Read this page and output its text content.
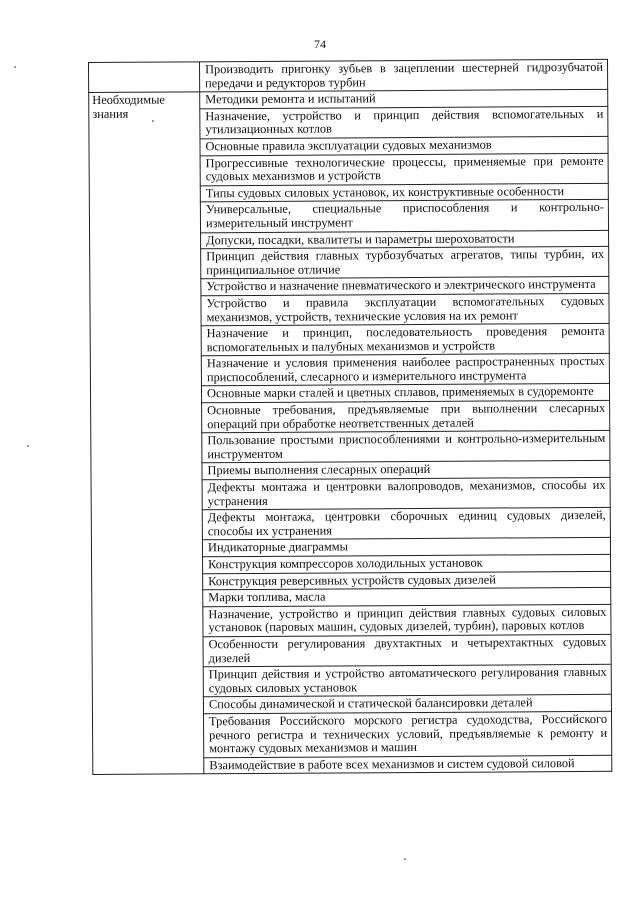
74
	Производить пригонку зубьев в зацеплении шестерней гидрозубчатой передачи и редукторов турбин
Необходимые знания	Методики ремонта и испытаний
	Назначение, устройство и принцип действия вспомогательных и утилизационных котлов
	Основные правила эксплуатации судовых механизмов
	Прогрессивные технологические процессы, применяемые при ремонте судовых механизмов и устройств
	Типы судовых силовых установок, их конструктивные особенности
	Универсальные, специальные приспособления и контрольно-измерительный инструмент
	Допуски, посадки, квалитеты и параметры шероховатости
	Принцип действия главных турбозубчатых агрегатов, типы турбин, их принципиальное отличие
	Устройство и назначение пневматического и электрического инструмента
	Устройство и правила эксплуатации вспомогательных судовых механизмов, устройств, технические условия на их ремонт
	Назначение и принцип, последовательность проведения ремонта вспомогательных и палубных механизмов и устройств
	Назначение и условия применения наиболее распространенных простых приспособлений, слесарного и измерительного инструмента
	Основные марки сталей и цветных сплавов, применяемых в судоремонте
	Основные требования, предъявляемые при выполнении слесарных операций при обработке неответственных деталей
	Пользование простыми приспособлениями и контрольно-измерительным инструментом
	Приемы выполнения слесарных операций
	Дефекты монтажа и центровки валопроводов, механизмов, способы их устранения
	Дефекты монтажа, центровки сборочных единиц судовых дизелей, способы их устранения
	Индикаторные диаграммы
	Конструкция компрессоров холодильных установок
	Конструкция реверсивных устройств судовых дизелей
	Марки топлива, масла
	Назначение, устройство и принцип действия главных судовых силовых установок (паровых машин, судовых дизелей, турбин), паровых котлов
	Особенности регулирования двухтактных и четырехтактных судовых дизелей
	Принцип действия и устройство автоматического регулирования главных судовых силовых установок
	Способы динамической и статической балансировки деталей
	Требования Российского морского регистра судоходства, Российского речного регистра и технических условий, предъявляемые к ремонту и монтажу судовых механизмов и машин
	Взаимодействие в работе всех механизмов и систем судовой силовой
